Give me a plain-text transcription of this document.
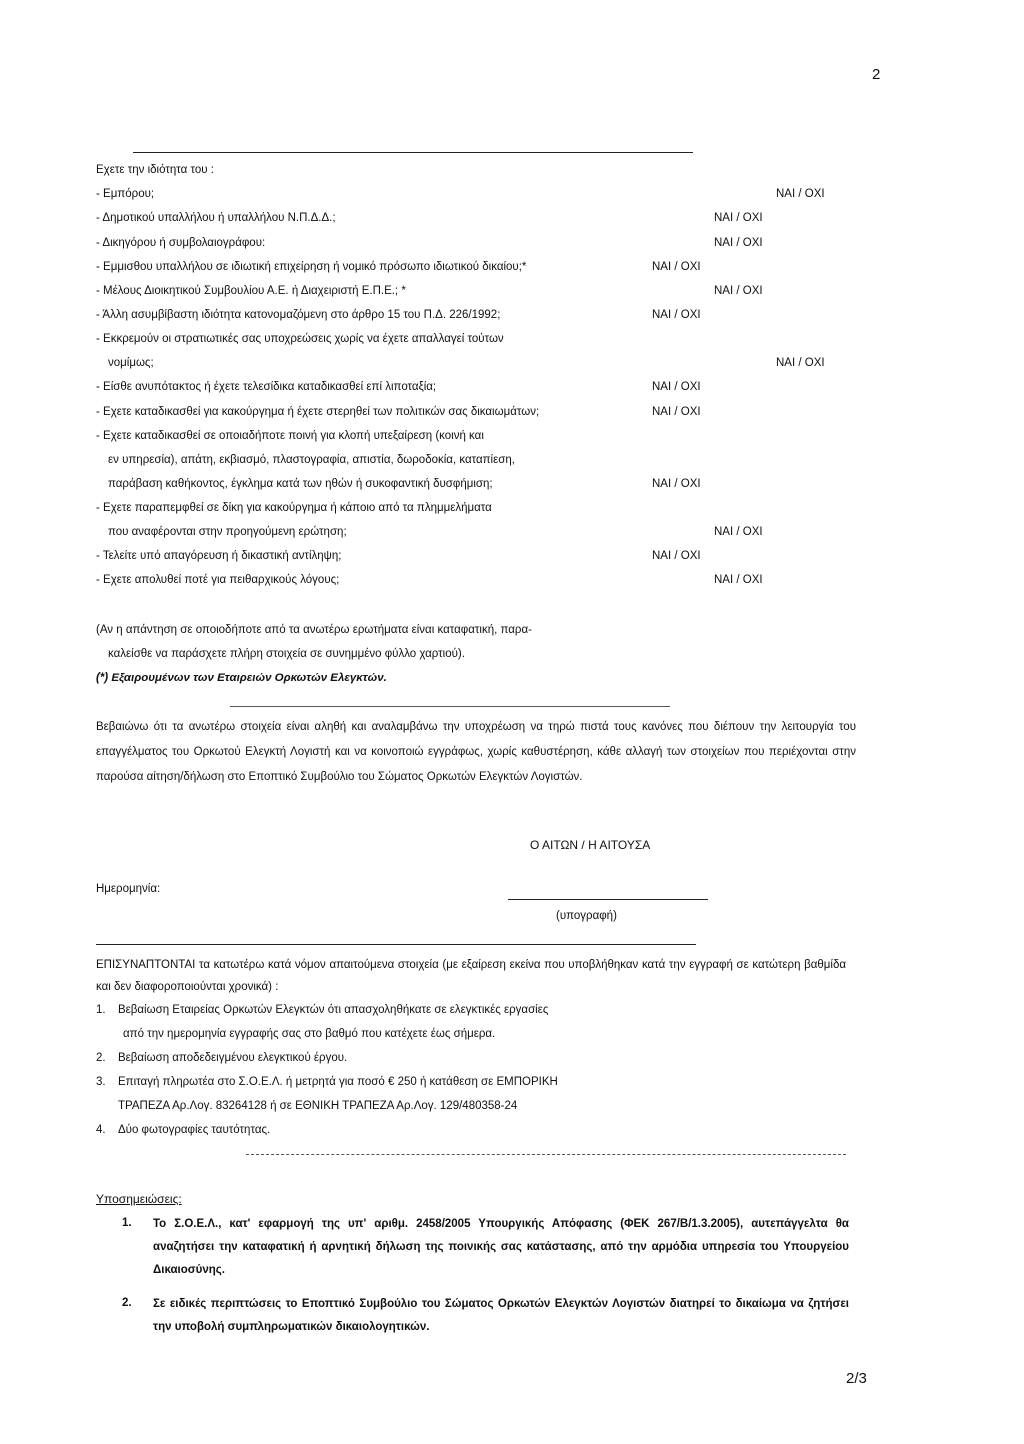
2
Εχετε την ιδιότητα του :
- Εμπόρου;	ΝΑΙ / ΟΧΙ
- Δημοτικού υπαλλήλου ή υπαλλήλου Ν.Π.Δ.Δ.;	ΝΑΙ / ΟΧΙ
- Δικηγόρου ή συμβολαιογράφου:	ΝΑΙ / ΟΧΙ
- Εμμισθου υπαλλήλου σε ιδιωτική επιχείρηση ή νομικό πρόσωπο ιδιωτικού δικαίου;*	ΝΑΙ / ΟΧΙ
- Μέλους Διοικητικού Συμβουλίου Α.Ε. ή Διαχειριστή Ε.Π.Ε.; *	ΝΑΙ / ΟΧΙ
- Άλλη ασυμβίβαστη ιδιότητα κατονομαζόμενη στο άρθρο 15 του Π.Δ. 226/1992;	ΝΑΙ / ΟΧΙ
- Εκκρεμούν οι στρατιωτικές σας υποχρεώσεις χωρίς να έχετε απαλλαγεί τούτων
νομίμως;	ΝΑΙ / ΟΧΙ
- Είσθε ανυπότακτος ή έχετε τελεσίδικα καταδικασθεί επί λιποταξία;	ΝΑΙ / ΟΧΙ
- Εχετε καταδικασθεί για κακούργημα ή έχετε στερηθεί των πολιτικών σας δικαιωμάτων;	ΝΑΙ / ΟΧΙ
- Εχετε καταδικασθεί σε οποιαδήποτε ποινή για κλοπή υπεξαίρεση (κοινή και
εν υπηρεσία), απάτη, εκβιασμό, πλαστογραφία, απιστία, δωροδοκία, καταπίεση,
παράβαση καθήκοντος, έγκλημα κατά των ηθών ή συκοφαντική δυσφήμιση;	ΝΑΙ / ΟΧΙ
- Εχετε παραπεμφθεί σε δίκη για κακούργημα ή κάποιο από τα πλημμελήματα
που αναφέρονται στην προηγούμενη ερώτηση;	ΝΑΙ / ΟΧΙ
- Τελείτε υπό απαγόρευση ή δικαστική αντίληψη;	ΝΑΙ / ΟΧΙ
- Εχετε απολυθεί ποτέ για πειθαρχικούς λόγους;	ΝΑΙ / ΟΧΙ
(Αν η απάντηση σε οποιοδήποτε από τα ανωτέρω ερωτήματα είναι καταφατική, παρα-
καλείσθε να παράσχετε πλήρη στοιχεία σε συνημμένο φύλλο χαρτιού).
(*) Εξαιρουμένων των Εταιρειών Ορκωτών Ελεγκτών.
Βεβαιώνω ότι τα ανωτέρω στοιχεία είναι αληθή και αναλαμβάνω την υποχρέωση να τηρώ πιστά τους κανόνες που διέπουν την λειτουργία του επαγγέλματος του Ορκωτού Ελεγκτή Λογιστή και να κοινοποιώ εγγράφως, χωρίς καθυστέρηση, κάθε αλλαγή των στοιχείων που περιέχονται στην παρούσα αίτηση/δήλωση στο Εποπτικό Συμβούλιο του Σώματος Ορκωτών Ελεγκτών Λογιστών.
Ο ΑΙΤΩΝ / Η ΑΙΤΟΥΣΑ
Ημερομηνία:
(υπογραφή)
ΕΠΙΣΥΝΑΠΤΟΝΤΑΙ τα κατωτέρω κατά νόμον απαιτούμενα στοιχεία (με εξαίρεση εκείνα που υποβλήθηκαν κατά την εγγραφή σε κατώτερη βαθμίδα και δεν διαφοροποιούνται χρονικά) :
1. Βεβαίωση Εταιρείας Ορκωτών Ελεγκτών ότι απασχοληθήκατε σε ελεγκτικές εργασίες
από την ημερομηνία εγγραφής σας στο βαθμό που κατέχετε έως σήμερα.
2. Βεβαίωση αποδεδειγμένου ελεγκτικού έργου.
3. Επιταγή πληρωτέα στο Σ.Ο.Ε.Λ. ή μετρητά για ποσό € 250 ή κατάθεση σε ΕΜΠΟΡΙΚΗ
ΤΡΑΠΕΖΑ Αρ.Λογ. 83264128 ή σε ΕΘΝΙΚΗ ΤΡΑΠΕΖΑ Αρ.Λογ. 129/480358-24
4. Δύο φωτογραφίες ταυτότητας.
Υποσημειώσεις:
1. Το Σ.Ο.Ε.Λ., κατ' εφαρμογή της υπ' αριθμ. 2458/2005 Υπουργικής Απόφασης (ΦΕΚ 267/Β/1.3.2005), αυτεπάγγελτα θα αναζητήσει την καταφατική ή αρνητική δήλωση της ποινικής σας κατάστασης, από την αρμόδια υπηρεσία του Υπουργείου Δικαιοσύνης.
2. Σε ειδικές περιπτώσεις το Εποπτικό Συμβούλιο του Σώματος Ορκωτών Ελεγκτών Λογιστών διατηρεί το δικαίωμα να ζητήσει την υποβολή συμπληρωματικών δικαιολογητικών.
2/3
